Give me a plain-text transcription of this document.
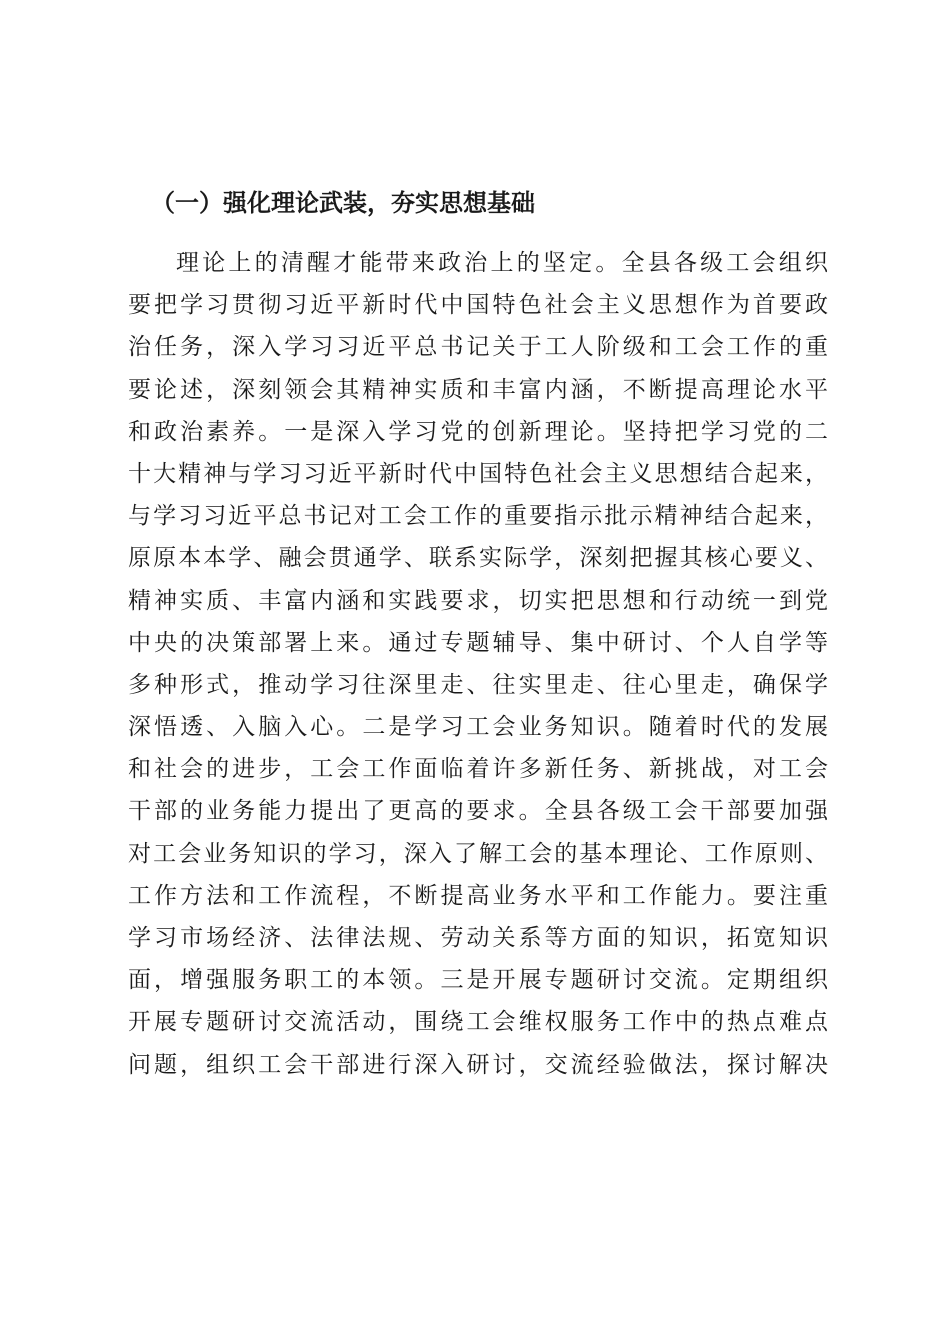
（一）强化理论武装，夯实思想基础
理论上的清醒才能带来政治上的坚定。全县各级工会组织
要把学习贯彻习近平新时代中国特色社会主义思想作为首要政
治任务，深入学习习近平总书记关于工人阶级和工会工作的重
要论述，深刻领会其精神实质和丰富内涵，不断提高理论水平
和政治素养。一是深入学习党的创新理论。坚持把学习党的二
十大精神与学习习近平新时代中国特色社会主义思想结合起来，
与学习习近平总书记对工会工作的重要指示批示精神结合起来，
原原本本学、融会贯通学、联系实际学，深刻把握其核心要义、
精神实质、丰富内涵和实践要求，切实把思想和行动统一到党
中央的决策部署上来。通过专题辅导、集中研讨、个人自学等
多种形式，推动学习往深里走、往实里走、往心里走，确保学
深悟透、入脑入心。二是学习工会业务知识。随着时代的发展
和社会的进步，工会工作面临着许多新任务、新挑战，对工会
干部的业务能力提出了更高的要求。全县各级工会干部要加强
对工会业务知识的学习，深入了解工会的基本理论、工作原则、
工作方法和工作流程，不断提高业务水平和工作能力。要注重
学习市场经济、法律法规、劳动关系等方面的知识，拓宽知识
面，增强服务职工的本领。三是开展专题研讨交流。定期组织
开展专题研讨交流活动，围绕工会维权服务工作中的热点难点
问题，组织工会干部进行深入研讨，交流经验做法，探讨解决
